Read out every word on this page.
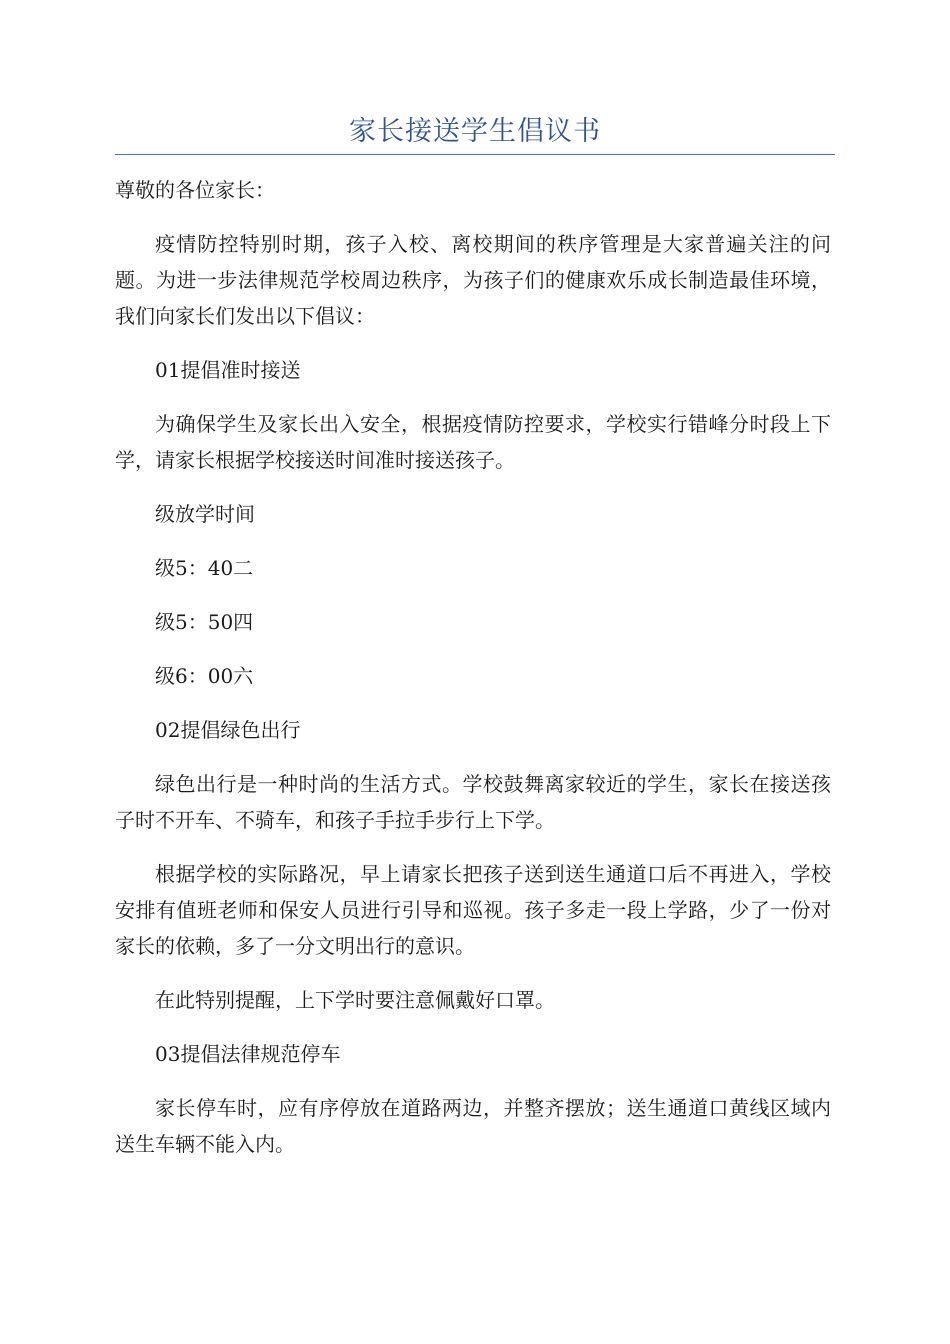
家长接送学生倡议书

尊敬的各位家长：

疫情防控特别时期，孩子入校、离校期间的秩序管理是大家普遍关注的问题。为进一步法律规范学校周边秩序，为孩子们的健康欢乐成长制造最佳环境，我们向家长们发出以下倡议：

01提倡准时接送

为确保学生及家长出入安全，根据疫情防控要求，学校实行错峰分时段上下学，请家长根据学校接送时间准时接送孩子。

级放学时间

级5：40二

级5：50四

级6：00六

02提倡绿色出行

绿色出行是一种时尚的生活方式。学校鼓舞离家较近的学生，家长在接送孩子时不开车、不骑车，和孩子手拉手步行上下学。

根据学校的实际路况，早上请家长把孩子送到送生通道口后不再进入，学校安排有值班老师和保安人员进行引导和巡视。孩子多走一段上学路，少了一份对家长的依赖，多了一分文明出行的意识。

在此特别提醒，上下学时要注意佩戴好口罩。

03提倡法律规范停车

家长停车时，应有序停放在道路两边，并整齐摆放；送生通道口黄线区域内送生车辆不能入内。
